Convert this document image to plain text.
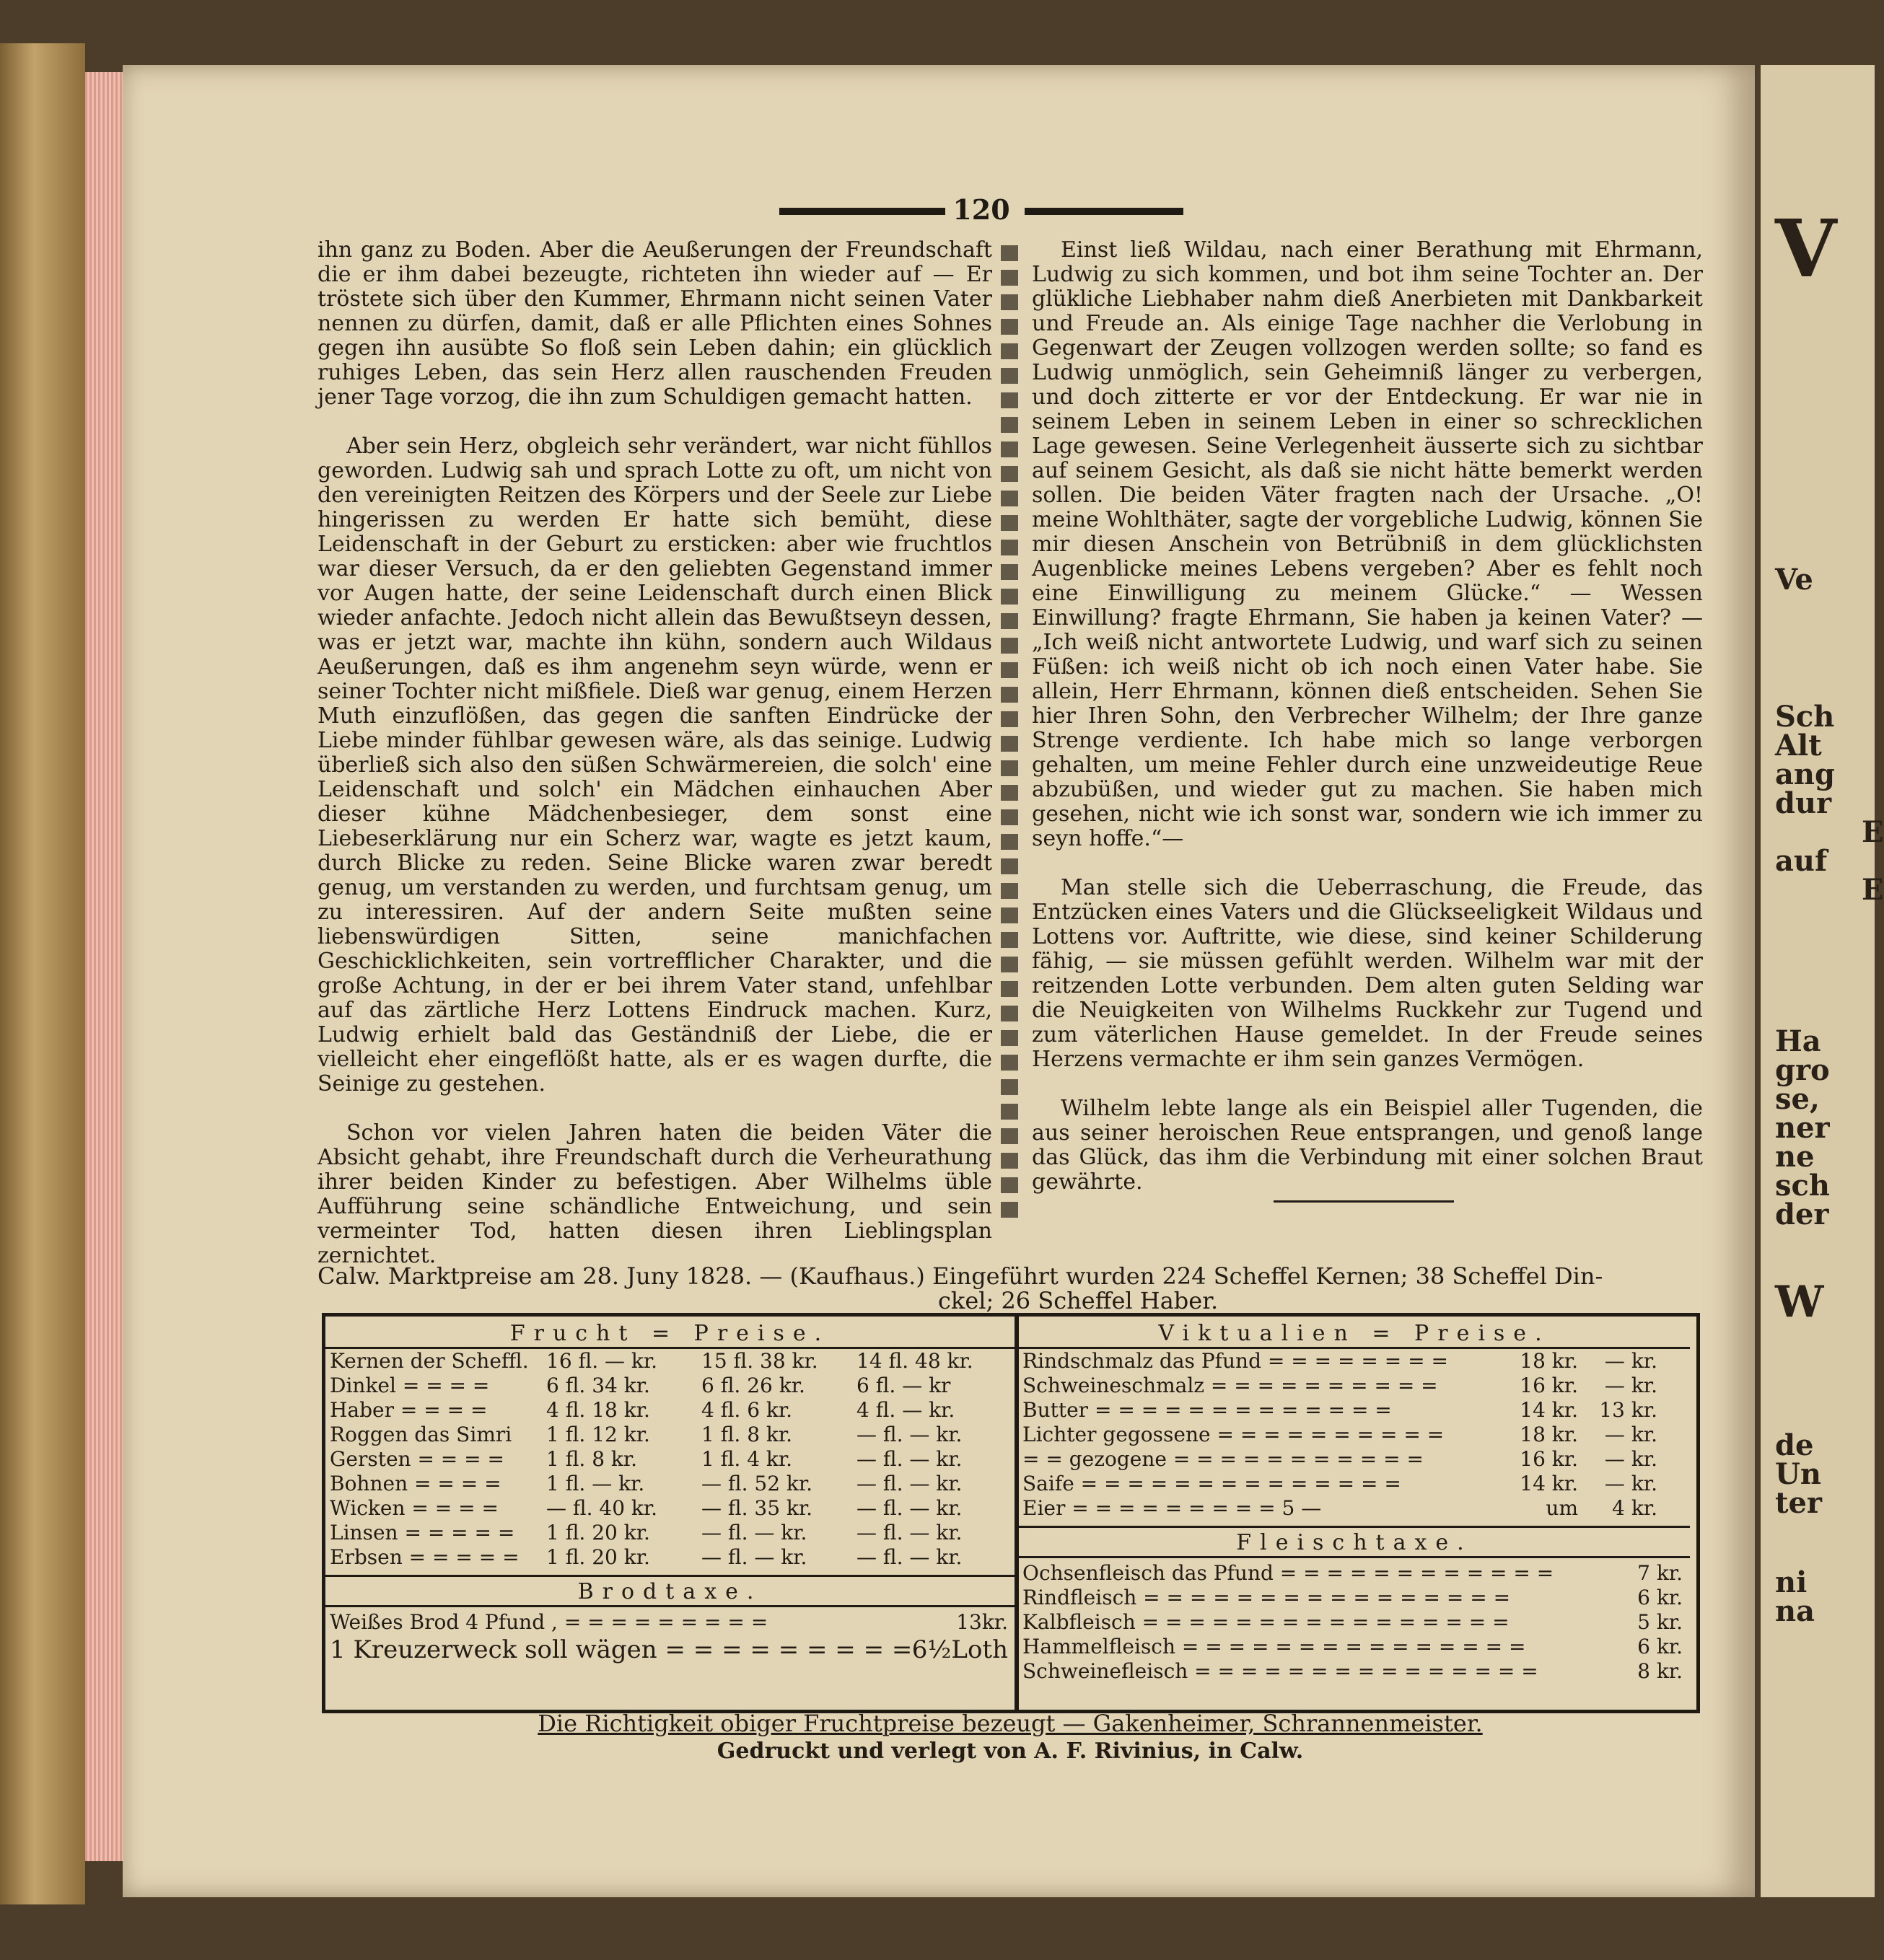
V
Ve
Sch
Alt
ang
dur
E
auf
E
Ha
gro
se,
ner
ne
sch
der
W
de
Un
ter
ni
na
120

ihn ganz zu Boden. Aber die Aeußerungen der Freundschaft die er ihm dabei bezeugte, richteten ihn wieder auf — Er tröstete sich über den Kummer, Ehrmann nicht seinen Vater nennen zu dürfen, damit, daß er alle Pflichten eines Sohnes gegen ihn ausübte So floß sein Leben dahin; ein glücklich ruhiges Leben, das sein Herz allen rauschenden Freuden jener Tage vorzog, die ihn zum Schuldigen gemacht hatten.

Aber sein Herz, obgleich sehr verändert, war nicht fühllos geworden. Ludwig sah und sprach Lotte zu oft, um nicht von den vereinigten Reitzen des Körpers und der Seele zur Liebe hingerissen zu werden Er hatte sich bemüht, diese Leidenschaft in der Geburt zu ersticken: aber wie fruchtlos war dieser Versuch, da er den geliebten Gegenstand immer vor Augen hatte, der seine Leidenschaft durch einen Blick wieder anfachte. Jedoch nicht allein das Bewußtseyn dessen, was er jetzt war, machte ihn kühn, sondern auch Wildaus Aeußerungen, daß es ihm angenehm seyn würde, wenn er seiner Tochter nicht mißfiele. Dieß war genug, einem Herzen Muth einzuflößen, das gegen die sanften Eindrücke der Liebe minder fühlbar gewesen wäre, als das seinige. Ludwig überließ sich also den süßen Schwärmereien, die solch' eine Leidenschaft und solch' ein Mädchen einhauchen Aber dieser kühne Mädchenbesieger, dem sonst eine Liebeserklärung nur ein Scherz war, wagte es jetzt kaum, durch Blicke zu reden. Seine Blicke waren zwar beredt genug, um verstanden zu werden, und furchtsam genug, um zu interessiren. Auf der andern Seite mußten seine liebenswürdigen Sitten, seine manichfachen Geschicklichkeiten, sein vortrefflicher Charakter, und die große Achtung, in der er bei ihrem Vater stand, unfehlbar auf das zärtliche Herz Lottens Eindruck machen. Kurz, Ludwig erhielt bald das Geständniß der Liebe, die er vielleicht eher eingeflößt hatte, als er es wagen durfte, die Seinige zu gestehen.

Schon vor vielen Jahren haten die beiden Väter die Absicht gehabt, ihre Freundschaft durch die Verheurathung ihrer beiden Kinder zu befestigen. Aber Wilhelms üble Aufführung seine schändliche Entweichung, und sein vermeinter Tod, hatten diesen ihren Lieblingsplan zernichtet.

Einst ließ Wildau, nach einer Berathung mit Ehrmann, Ludwig zu sich kommen, und bot ihm seine Tochter an. Der glükliche Liebhaber nahm dieß Anerbieten mit Dankbarkeit und Freude an. Als einige Tage nachher die Verlobung in Gegenwart der Zeugen vollzogen werden sollte; so fand es Ludwig unmöglich, sein Geheimniß länger zu verbergen, und doch zitterte er vor der Entdeckung. Er war nie in seinem Leben in seinem Leben in einer so schrecklichen Lage gewesen. Seine Verlegenheit äusserte sich zu sichtbar auf seinem Gesicht, als daß sie nicht hätte bemerkt werden sollen. Die beiden Väter fragten nach der Ursache. „O! meine Wohlthäter, sagte der vorgebliche Ludwig, können Sie mir diesen Anschein von Betrübniß in dem glücklichsten Augenblicke meines Lebens vergeben? Aber es fehlt noch eine Einwilligung zu meinem Glücke.“ — Wessen Einwillung? fragte Ehrmann, Sie haben ja keinen Vater? — „Ich weiß nicht antwortete Ludwig, und warf sich zu seinen Füßen: ich weiß nicht ob ich noch einen Vater habe. Sie allein, Herr Ehrmann, können dieß entscheiden. Sehen Sie hier Ihren Sohn, den Verbrecher Wilhelm; der Ihre ganze Strenge verdiente. Ich habe mich so lange verborgen gehalten, um meine Fehler durch eine unzweideutige Reue abzubüßen, und wieder gut zu machen. Sie haben mich gesehen, nicht wie ich sonst war, sondern wie ich immer zu seyn hoffe.“—

Man stelle sich die Ueberraschung, die Freude, das Entzücken eines Vaters und die Glückseeligkeit Wildaus und Lottens vor. Auftritte, wie diese, sind keiner Schilderung fähig, — sie müssen gefühlt werden. Wilhelm war mit der reitzenden Lotte verbunden. Dem alten guten Selding war die Neuigkeiten von Wilhelms Ruckkehr zur Tugend und zum väterlichen Hause gemeldet. In der Freude seines Herzens vermachte er ihm sein ganzes Vermögen.

Wilhelm lebte lange als ein Beispiel aller Tugenden, die aus seiner heroischen Reue entsprangen, und genoß lange das Glück, das ihm die Verbindung mit einer solchen Braut gewährte.

Calw. Marktpreise am 28. Juny 1828. — (Kaufhaus.) Eingeführt wurden 224 Scheffel Kernen; 38 Scheffel Din-
ckel; 26 Scheffel Haber.
Frucht = Preise.
Kernen der Scheffl. 16 fl. — kr.	15 fl. 38 kr.	14 fl. 48 kr.
Dinkel = = = =	6 fl. 34 kr.	6 fl. 26 kr.	6 fl. — kr
Haber = = = =	4 fl. 18 kr.	4 fl. 6 kr.	4 fl. — kr.
Roggen das Simri	1 fl. 12 kr.	1 fl. 8 kr.	— fl. — kr.
Gersten = = = =	1 fl. 8 kr.	1 fl. 4 kr.	— fl. — kr.
Bohnen = = = =	1 fl. — kr.	— fl. 52 kr.	— fl. — kr.
Wicken = = = =	— fl. 40 kr.	— fl. 35 kr.	— fl. — kr.
Linsen = = = = =	1 fl. 20 kr.	— fl. — kr.	— fl. — kr.
Erbsen = = = = =	1 fl. 20 kr.	— fl. — kr.	— fl. — kr.
Brodtaxe.
Weißes Brod 4 Pfund , = = = = = = = = =	13kr.
1 Kreuzerweck soll wägen = = = = = = = = = 6½Loth
Viktualien = Preise.
Rindschmalz das Pfund = = = = = = = =	18 kr.	— kr.
Schweineschmalz = = = = = = = = = =	16 kr.	— kr.
Butter = = = = = = = = = = = = =	14 kr.	13 kr.
Lichter gegossene = = = = = = = = = =	18 kr.	— kr.
= = gezogene = = = = = = = = = = =	16 kr.	— kr.
Saife = = = = = = = = = = = = = =	14 kr.	— kr.
Eier = = = = = = = = = 5 —	um	4 kr.
Fleischtaxe.
Ochsenfleisch das Pfund = = = = = = = = = = = =	7 kr.
Rindfleisch = = = = = = = = = = = = = = = =	6 kr.
Kalbfleisch = = = = = = = = = = = = = = = =	5 kr.
Hammelfleisch = = = = = = = = = = = = = = =	6 kr.
Schweinefleisch = = = = = = = = = = = = = = =	8 kr.
Die Richtigkeit obiger Fruchtpreise bezeugt — Gakenheimer, Schrannenmeister.
Gedruckt und verlegt von A. F. Rivinius, in Calw.
